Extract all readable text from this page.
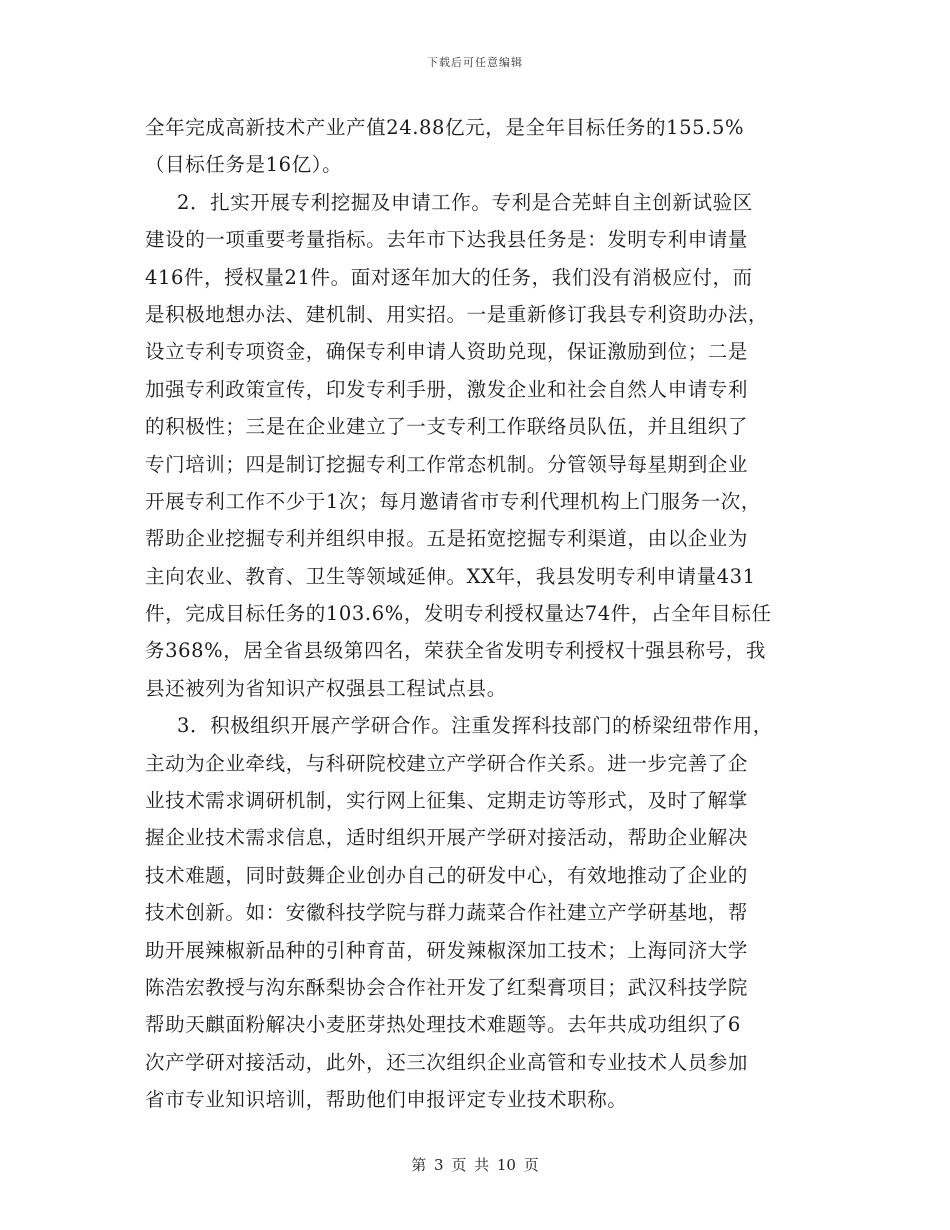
下载后可任意编辑
全年完成高新技术产业产值24.88亿元，是全年目标任务的155.5%
（目标任务是16亿）。
2．扎实开展专利挖掘及申请工作。专利是合芜蚌自主创新试验区
建设的一项重要考量指标。去年市下达我县任务是：发明专利申请量
416件，授权量21件。面对逐年加大的任务，我们没有消极应付，而
是积极地想办法、建机制、用实招。一是重新修订我县专利资助办法，
设立专利专项资金，确保专利申请人资助兑现，保证激励到位；二是
加强专利政策宣传，印发专利手册，激发企业和社会自然人申请专利
的积极性；三是在企业建立了一支专利工作联络员队伍，并且组织了
专门培训；四是制订挖掘专利工作常态机制。分管领导每星期到企业
开展专利工作不少于1次；每月邀请省市专利代理机构上门服务一次，
帮助企业挖掘专利并组织申报。五是拓宽挖掘专利渠道，由以企业为
主向农业、教育、卫生等领域延伸。XX年，我县发明专利申请量431
件，完成目标任务的103.6%，发明专利授权量达74件，占全年目标任
务368%，居全省县级第四名，荣获全省发明专利授权十强县称号，我
县还被列为省知识产权强县工程试点县。
3．积极组织开展产学研合作。注重发挥科技部门的桥梁纽带作用，
主动为企业牵线，与科研院校建立产学研合作关系。进一步完善了企
业技术需求调研机制，实行网上征集、定期走访等形式，及时了解掌
握企业技术需求信息，适时组织开展产学研对接活动，帮助企业解决
技术难题，同时鼓舞企业创办自己的研发中心，有效地推动了企业的
技术创新。如：安徽科技学院与群力蔬菜合作社建立产学研基地，帮
助开展辣椒新品种的引种育苗，研发辣椒深加工技术；上海同济大学
陈浩宏教授与沟东酥梨协会合作社开发了红梨膏项目；武汉科技学院
帮助天麒面粉解决小麦胚芽热处理技术难题等。去年共成功组织了6
次产学研对接活动，此外，还三次组织企业高管和专业技术人员参加
省市专业知识培训，帮助他们申报评定专业技术职称。
第 3 页 共 10 页
